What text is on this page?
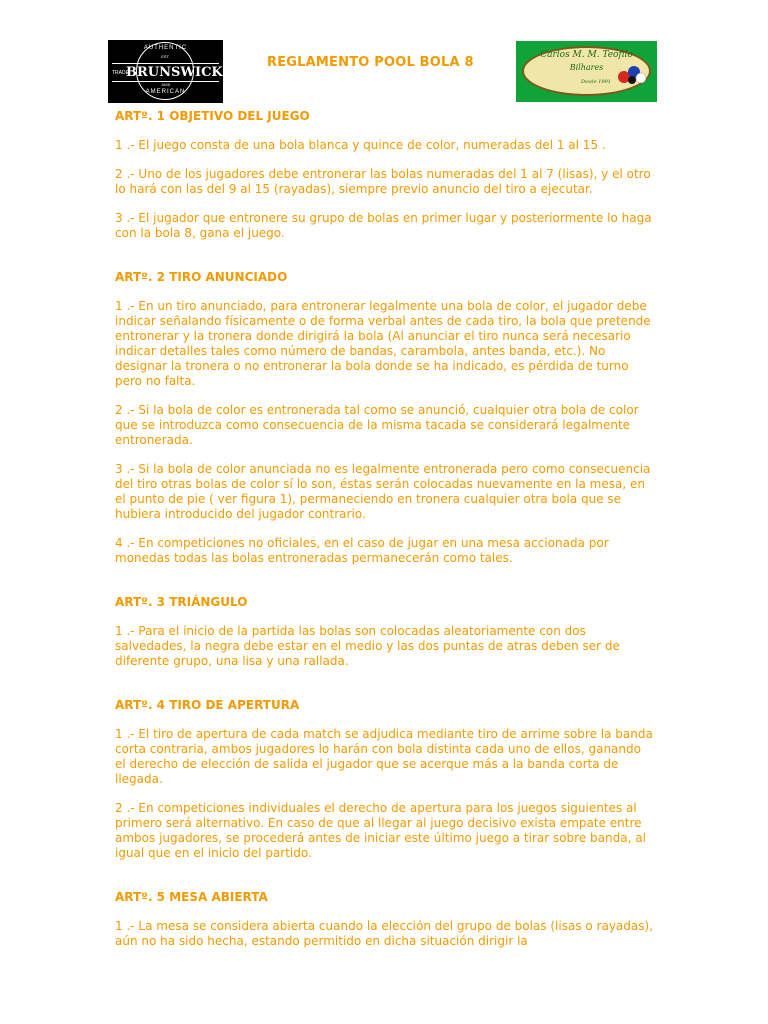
AUTHENTIC
EST.
TRADE
BRUNSWICK MARK
1845
AMERICAN
REGLAMENTO POOL BOLA 8	Carlos M. M. Teófilo
Bilhares
Desde 1991

ARTº. 1 OBJETIVO DEL JUEGO

1 .- El juego consta de una bola blanca y quince de color, numeradas del 1 al 15 .

2 .- Uno de los jugadores debe entronerar las bolas numeradas del 1 al 7 (lisas), y el otro lo hará con las del 9 al 15 (rayadas), siempre previo anuncio del tiro a ejecutar.

3 .- El jugador que entronere su grupo de bolas en primer lugar y posteriormente lo haga con la bola 8, gana el juego.

ARTº. 2 TIRO ANUNCIADO

1 .- En un tiro anunciado, para entronerar legalmente una bola de color, el jugador debe indicar señalando físicamente o de forma verbal antes de cada tiro, la bola que pretende entronerar y la tronera donde dirigirá la bola (Al anunciar el tiro nunca será necesario indicar detalles tales como número de bandas, carambola, antes banda, etc.). No designar la tronera o no entronerar la bola donde se ha indicado, es pérdida de turno pero no falta.

2 .- Si la bola de color es entronerada tal como se anunció, cualquier otra bola de color que se introduzca como consecuencia de la misma tacada se considerará legalmente entronerada.

3 .- Si la bola de color anunciada no es legalmente entronerada pero como consecuencia del tiro otras bolas de color sí lo son, éstas serán colocadas nuevamente en la mesa, en el punto de pie ( ver figura 1), permaneciendo en tronera cualquier otra bola que se hubiera introducido del jugador contrario.

4 .- En competiciones no oficiales, en el caso de jugar en una mesa accionada por monedas todas las bolas entroneradas permanecerán como tales.

ARTº. 3 TRIÁNGULO

1 .- Para el inicio de la partida las bolas son colocadas aleatoriamente con dos salvedades, la negra debe estar en el medio y las dos puntas de atras deben ser de diferente grupo, una lisa y una rallada.

ARTº. 4 TIRO DE APERTURA

1 .- El tiro de apertura de cada match se adjudica mediante tiro de arrime sobre la banda corta contraria, ambos jugadores lo harán con bola distinta cada uno de ellos, ganando el derecho de elección de salida el jugador que se acerque más a la banda corta de llegada.

2 .- En competiciones individuales el derecho de apertura para los juegos siguientes al primero será alternativo. En caso de que al llegar al juego decisivo exista empate entre ambos jugadores, se procederá antes de iniciar este último juego a tirar sobre banda, al igual que en el inicio del partido.

ARTº. 5 MESA ABIERTA

1 .- La mesa se considera abierta cuando la elección del grupo de bolas (lisas o rayadas), aún no ha sido hecha, estando permitido en dicha situación dirigir la
